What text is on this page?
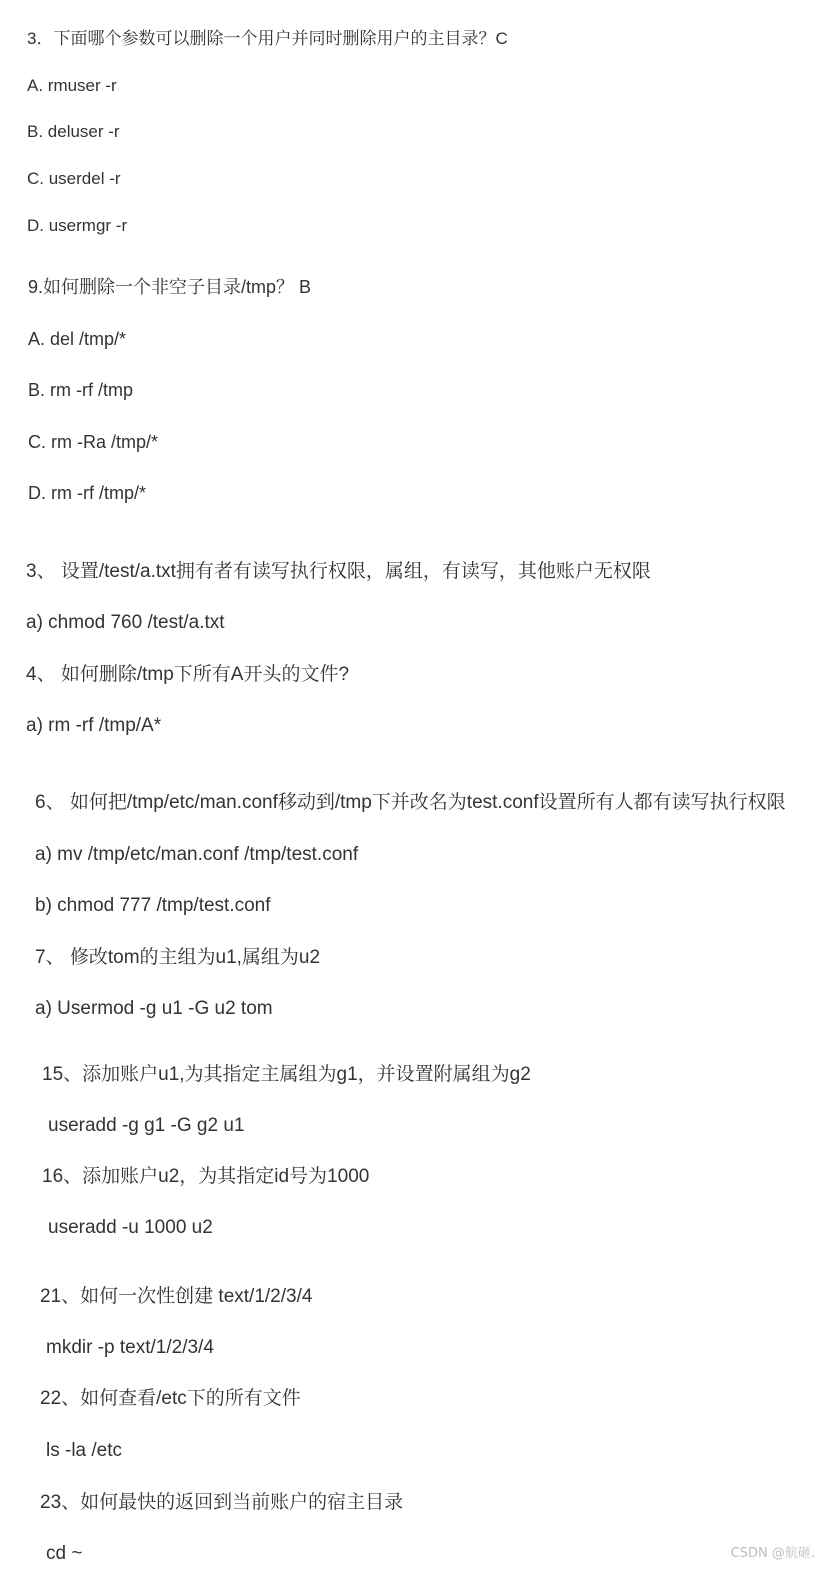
3．下面哪个参数可以删除一个用户并同时删除用户的主目录？C
A. rmuser -r
B. deluser -r
C. userdel -r
D. usermgr -r
9.如何删除一个非空子目录/tmp？ B
A. del /tmp/*
B. rm -rf /tmp
C. rm -Ra /tmp/*
D. rm -rf /tmp/*
3、 设置/test/a.txt拥有者有读写执行权限，属组，有读写，其他账户无权限
a) chmod 760 /test/a.txt
4、 如何删除/tmp下所有A开头的文件?
a) rm -rf /tmp/A*
6、 如何把/tmp/etc/man.conf移动到/tmp下并改名为test.conf设置所有人都有读写执行权限
a) mv /tmp/etc/man.conf /tmp/test.conf
b) chmod 777 /tmp/test.conf
7、 修改tom的主组为u1,属组为u2
a) Usermod -g u1 -G u2 tom
15、添加账户u1,为其指定主属组为g1，并设置附属组为g2
useradd -g g1 -G g2 u1
16、添加账户u2，为其指定id号为1000
useradd -u 1000 u2
21、如何一次性创建 text/1/2/3/4
mkdir -p text/1/2/3/4
22、如何查看/etc下的所有文件
ls -la /etc
23、如何最快的返回到当前账户的宿主目录
cd ~	CSDN @航砸.
